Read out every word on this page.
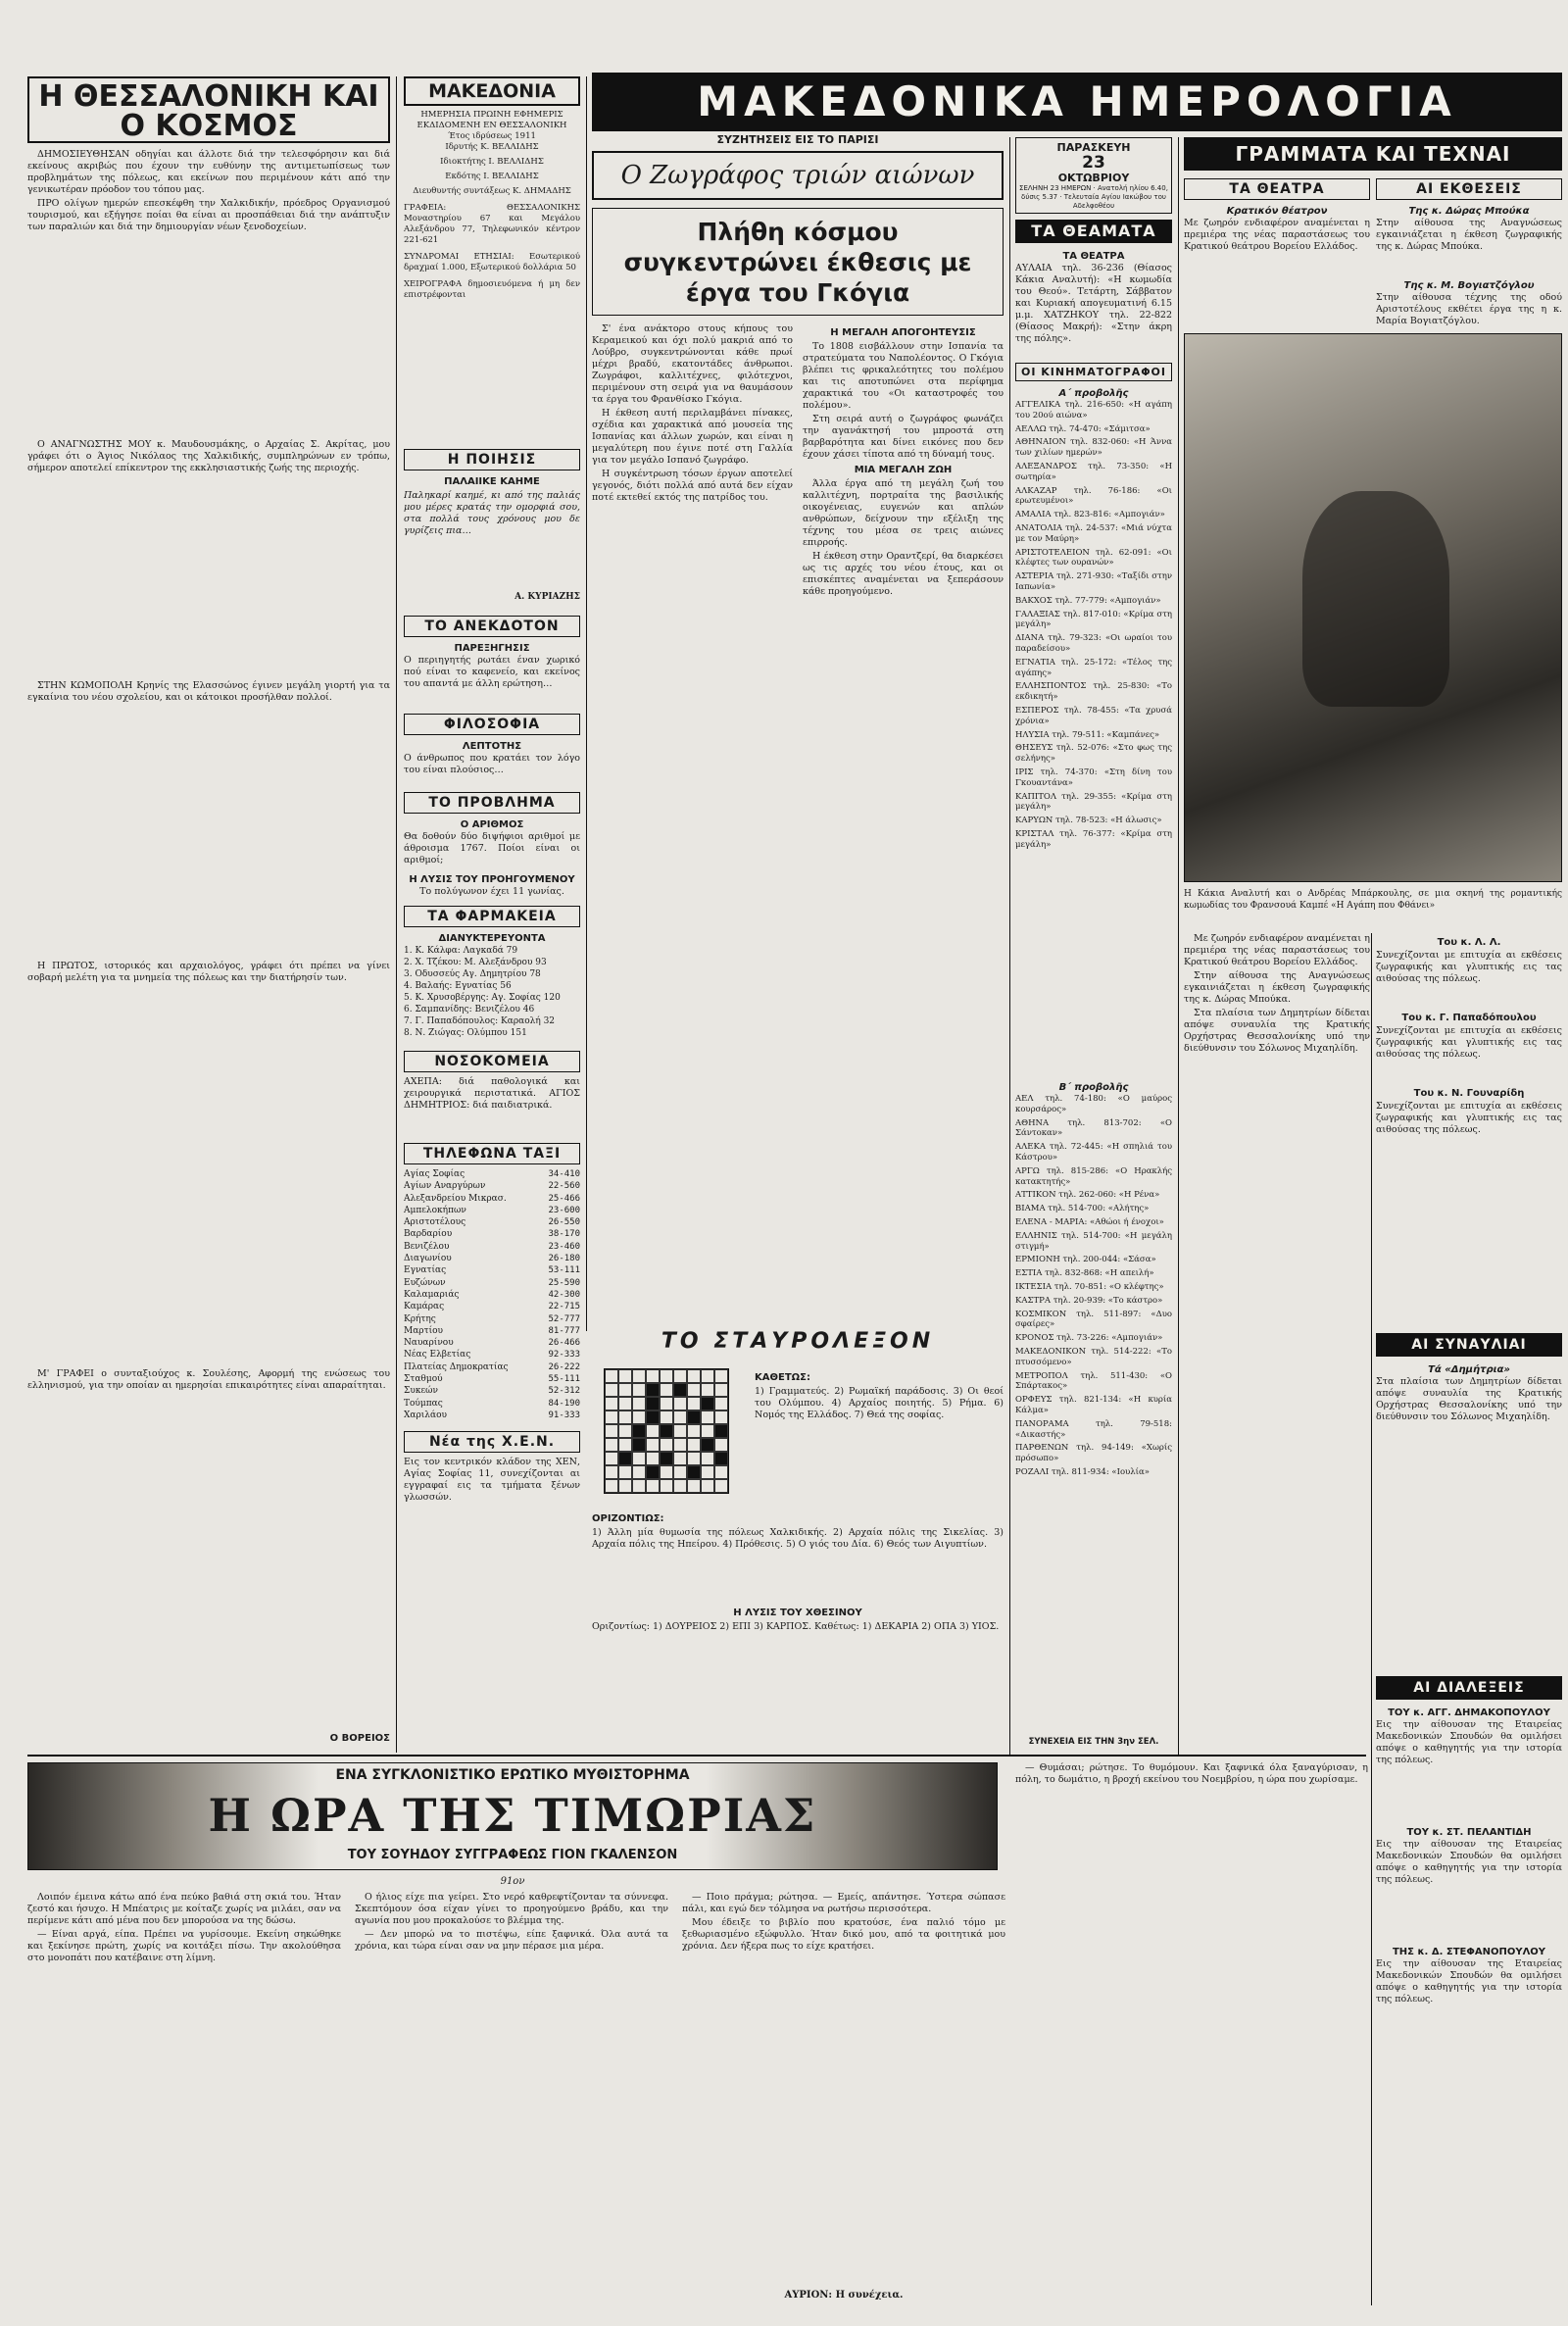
Η ΘΕΣΣΑΛΟΝΙΚΗ ΚΑΙ Ο ΚΟΣΜΟΣ

ΔΗΜΟΣΙΕΥΘΗΣΑΝ οδηγίαι και άλλοτε διά την τελεσφόρησιν και διά εκείνους ακριβώς που έχουν την ευθύνην της αντιμετωπίσεως των προβλημάτων της πόλεως, και εκείνων που περιμένουν κάτι από την γενικωτέραν πρόοδον του τόπου μας.

ΠΡΟ ολίγων ημερών επεσκέφθη την Χαλκιδικήν, πρόεδρος Οργανισμού τουρισμού, και εξήγησε ποίαι θα είναι αι προσπάθειαι διά την ανάπτυξιν των παραλιών και διά την δημιουργίαν νέων ξενοδοχείων.

Ο ΑΝΑΓΝΩΣΤΗΣ ΜΟΥ κ. Μαυδουσμάκης, ο Αρχαίας Σ. Ακρίτας, μου γράφει ότι ο Άγιος Νικόλαος της Χαλκιδικής, συμπληρώνων εν τρόπω, σήμερον αποτελεί επίκεντρον της εκκλησιαστικής ζωής της περιοχής.

ΣΤΗΝ ΚΩΜΟΠΟΛΗ Κρηνίς της Ελασσώνος έγινεν μεγάλη γιορτή για τα εγκαίνια του νέου σχολείου, και οι κάτοικοι προσήλθαν πολλοί.

Η ΠΡΩΤΟΣ, ιστορικός και αρχαιολόγος, γράφει ότι πρέπει να γίνει σοβαρή μελέτη για τα μνημεία της πόλεως και την διατήρησίν των.

Μ' ΓΡΑΦΕΙ ο συνταξιούχος κ. Σουλέσης, Αφορμή της ενώσεως του ελληνισμού, για την οποίαν αι ημερησίαι επικαιρότητες είναι απαραίτηται.

Ο ΒΟΡΕΙΟΣ
ΜΑΚΕΔΟΝΙΑ
ΗΜΕΡΗΣΙΑ ΠΡΩΙΝΗ ΕΦΗΜΕΡΙΣ ΕΚΔΙΔΟΜΕΝΗ ΕΝ ΘΕΣΣΑΛΟΝΙΚΗ
Έτος ιδρύσεως 1911
Ιδρυτής Κ. ΒΕΛΛΙΔΗΣ
Ιδιοκτήτης Ι. ΒΕΛΛΙΔΗΣ
Εκδότης Ι. ΒΕΛΛΙΔΗΣ
Διευθυντής συντάξεως Κ. ΔΗΜΑΔΗΣ
ΓΡΑΦΕΙΑ: ΘΕΣΣΑΛΟΝΙΚΗΣ Μοναστηρίου 67 και Μεγάλου Αλεξάνδρου 77, Τηλεφωνικόν κέντρον 221-621
ΣΥΝΔΡΟΜΑΙ ΕΤΗΣΙΑΙ: Εσωτερικού δραχμαί 1.000, Εξωτερικού δολλάρια 50
ΧΕΙΡΟΓΡΑΦΑ δημοσιευόμενα ή μη δεν επιστρέφονται
Η ΠΟΙΗΣΙΣ
ΠΑΛΑΙΙΚΕ ΚΑΗΜΕ
Παληκαρί καημέ, κι από της παλιάς μου μέρες κρατάς την ομορφιά σου, στα πολλά τους χρόνους μου δε γυρίζεις πια…
Α. ΚΥΡΙΑΖΗΣ
ΤΟ ΑΝΕΚΔΟΤΟΝ
ΠΑΡΕΞΗΓΗΣΙΣ
Ο περιηγητής ρωτάει έναν χωρικό πού είναι το καφενείο, και εκείνος του απαντά με άλλη ερώτηση…
ΦΙΛΟΣΟΦΙΑ
ΛΕΠΤΟΤΗΣ
Ο άνθρωπος που κρατάει τον λόγο του είναι πλούσιος…
ΤΟ ΠΡΟΒΛΗΜΑ
Ο ΑΡΙΘΜΟΣ
Θα δοθούν δύο διψήφιοι αριθμοί με άθροισμα 1767. Ποίοι είναι οι αριθμοί;
Η ΛΥΣΙΣ ΤΟΥ ΠΡΟΗΓΟΥΜΕΝΟΥ
Το πολύγωνον έχει 11 γωνίας.
ΤΑ ΦΑΡΜΑΚΕΙΑ
ΔΙΑΝΥΚΤΕΡΕΥΟΝΤΑ
1. Κ. Κάλφα: Λαγκαδά 79
2. Χ. Τζέκου: Μ. Αλεξάνδρου 93
3. Οδυσσεύς Αγ. Δημητρίου 78
4. Βαλαής: Εγνατίας 56
5. Κ. Χρυσοβέργης: Αγ. Σοφίας 120
6. Σαμπανίδης: Βενιζέλου 46
7. Γ. Παπαδόπουλος: Καραολή 32
8. Ν. Ζιώγας: Ολύμπου 151
ΝΟΣΟΚΟΜΕΙΑ
ΑΧΕΠΑ: διά παθολογικά και χειρουργικά περιστατικά. ΑΓΙΟΣ ΔΗΜΗΤΡΙΟΣ: διά παιδιατρικά.
ΤΗΛΕΦΩΝΑ ΤΑΞΙ
Αγίας Σοφίας	34-410
Αγίων Αναργύρων	22-560
Αλεξανδρείου Μικρασ.	25-466
Αμπελοκήπων	23-600
Αριστοτέλους	26-550
Βαρδαρίου	38-170
Βενιζέλου	23-460
Διαγωνίου	26-180
Εγνατίας	53-111
Ευζώνων	25-590
Καλαμαριάς	42-300
Καμάρας	22-715
Κρήτης	52-777
Μαρτίου	81-777
Ναυαρίνου	26-466
Νέας Ελβετίας	92-333
Πλατείας Δημοκρατίας	26-222
Σταθμού	55-111
Συκεών	52-312
Τούμπας	84-190
Χαριλάου	91-333
Νέα της Χ.Ε.Ν.
Εις τον κεντρικόν κλάδον της ΧΕΝ, Αγίας Σοφίας 11, συνεχίζονται αι εγγραφαί εις τα τμήματα ξένων γλωσσών.
ΜΑΚΕΔΟΝΙΚΑ ΗΜΕΡΟΛΟΓΙΑ
ΣΥΖΗΤΗΣΕΙΣ ΕΙΣ ΤΟ ΠΑΡΙΣΙ
Ο Ζωγράφος τριών αιώνων
Πλήθη κόσμου συγκεντρώνει έκθεσις με έργα του Γκόγια

Σ' ένα ανάκτορο στους κήπους του Κεραμεικού και όχι πολύ μακριά από το Λούβρο, συγκεντρώνονται κάθε πρωί μέχρι βραδύ, εκατοντάδες άνθρωποι. Ζωγράφοι, καλλιτέχνες, φιλότεχνοι, περιμένουν στη σειρά για να θαυμάσουν τα έργα του Φρανθίσκο Γκόγια.

Η έκθεση αυτή περιλαμβάνει πίνακες, σχέδια και χαρακτικά από μουσεία της Ισπανίας και άλλων χωρών, και είναι η μεγαλύτερη που έγινε ποτέ στη Γαλλία για τον μεγάλο Ισπανό ζωγράφο.

Η συγκέντρωση τόσων έργων αποτελεί γεγονός, διότι πολλά από αυτά δεν είχαν ποτέ εκτεθεί εκτός της πατρίδος του.

Η ΜΕΓΑΛΗ ΑΠΟΓΟΗΤΕΥΣΙΣ

Το 1808 εισβάλλουν στην Ισπανία τα στρατεύματα του Ναπολέοντος. Ο Γκόγια βλέπει τις φρικαλεότητες του πολέμου και τις αποτυπώνει στα περίφημα χαρακτικά του «Οι καταστροφές του πολέμου».

Στη σειρά αυτή ο ζωγράφος φωνάζει την αγανάκτησή του μπροστά στη βαρβαρότητα και δίνει εικόνες που δεν έχουν χάσει τίποτα από τη δύναμή τους.

ΜΙΑ ΜΕΓΑΛΗ ΖΩΗ

Άλλα έργα από τη μεγάλη ζωή του καλλιτέχνη, πορτραίτα της βασιλικής οικογένειας, ευγενών και απλών ανθρώπων, δείχνουν την εξέλιξη της τέχνης του μέσα σε τρεις αιώνες επιρροής.

Η έκθεση στην Οραντζερί, θα διαρκέσει ως τις αρχές του νέου έτους, και οι επισκέπτες αναμένεται να ξεπεράσουν κάθε προηγούμενο.

ΠΑΡΑΣΚΕΥΗ
23
ΟΚΤΩΒΡΙΟΥ
ΣΕΛΗΝΗ 23 ΗΜΕΡΩΝ · Ανατολή ηλίου 6.40, δύσις 5.37 · Τελευταία Αγίου Ιακώβου του Αδελφοθέου
ΤΑ ΘΕΑΜΑΤΑ
ΤΑ ΘΕΑΤΡΑ
ΑΥΛΑΙΑ τηλ. 36-236 (Θίασος Κάκια Αναλυτή): «Η κωμωδία του Θεού». Τετάρτη, Σάββατον και Κυριακή απογευματινή 6.15 μ.μ. ΧΑΤΖΗΚΟΥ τηλ. 22-822 (Θίασος Μακρή): «Στην άκρη της πόλης».
ΟΙ ΚΙΝΗΜΑΤΟΓΡΑΦΟΙ
Α΄ προβολῆς
ΑΓΓΕΛΙΚΑ τηλ. 216-650: «Η αγάπη του 20ού αιώνα»
ΑΕΛΛΩ τηλ. 74-470: «Σάμιτσα»
ΑΘΗΝΑΙΟΝ τηλ. 832-060: «Η Άννα των χιλίων ημερών»
ΑΛΕΞΑΝΔΡΟΣ τηλ. 73-350: «Η σωτηρία»
ΑΛΚΑΖΑΡ τηλ. 76-186: «Οι ερωτευμένοι»
ΑΜΑΛΙΑ τηλ. 823-816: «Αμπογιάν»
ΑΝΑΤΟΛΙΑ τηλ. 24-537: «Μιά νύχτα με τον Μαύρη»
ΑΡΙΣΤΟΤΕΛΕΙΟΝ τηλ. 62-091: «Οι κλέφτες των ουρανών»
ΑΣΤΕΡΙΑ τηλ. 271-930: «Ταξίδι στην Ιαπωνία»
ΒΑΚΧΟΣ τηλ. 77-779: «Αμπογιάν»
ΓΑΛΑΞΙΑΣ τηλ. 817-010: «Κρίμα στη μεγάλη»
ΔΙΑΝΑ τηλ. 79-323: «Οι ωραίοι του παραδείσου»
ΕΓΝΑΤΙΑ τηλ. 25-172: «Τέλος της αγάπης»
ΕΛΛΗΣΠΟΝΤΟΣ τηλ. 25-830: «Το εκδικητή»
ΕΣΠΕΡΟΣ τηλ. 78-455: «Τα χρυσά χρόνια»
ΗΛΥΣΙΑ τηλ. 79-511: «Καμπάνες»
ΘΗΣΕΥΣ τηλ. 52-076: «Στο φως της σελήνης»
ΙΡΙΣ τηλ. 74-370: «Στη δίνη του Γκουαντάνα»
ΚΑΠΙΤΟΛ τηλ. 29-355: «Κρίμα στη μεγάλη»
ΚΑΡΥΩΝ τηλ. 78-523: «Η άλωσις»
ΚΡΙΣΤΑΛ τηλ. 76-377: «Κρίμα στη μεγάλη»
Β΄ προβολῆς
ΑΕΛ τηλ. 74-180: «Ο μαύρος κουρσάρος»
ΑΘΗΝΑ τηλ. 813-702: «Ο Σάντοκαν»
ΑΛΕΚΑ τηλ. 72-445: «Η σπηλιά του Κάστρου»
ΑΡΓΩ τηλ. 815-286: «Ο Ηρακλής κατακτητής»
ΑΤΤΙΚΟΝ τηλ. 262-060: «Η Ρένα»
ΒΙΑΜΑ τηλ. 514-700: «Αλήτης»
ΕΛΕΝΑ - ΜΑΡΙΑ: «Αθώοι ή ένοχοι»
ΕΛΛΗΝΙΣ τηλ. 514-700: «Η μεγάλη στιγμή»
ΕΡΜΙΟΝΗ τηλ. 200-044: «Σάσα»
ΕΣΤΙΑ τηλ. 832-868: «Η απειλή»
ΙΚΤΕΣΙΑ τηλ. 70-851: «Ο κλέφτης»
ΚΑΣΤΡΑ τηλ. 20-939: «Το κάστρο»
ΚΟΣΜΙΚΟΝ τηλ. 511-897: «Δυο σφαίρες»
ΚΡΟΝΟΣ τηλ. 73-226: «Αμπογιάν»
ΜΑΚΕΔΟΝΙΚΟΝ τηλ. 514-222: «Το πτυσσόμενο»
ΜΕΤΡΟΠΟΛ τηλ. 511-430: «Ο Σπάρτακος»
ΟΡΦΕΥΣ τηλ. 821-134: «Η κυρία Κάλμα»
ΠΑΝΟΡΑΜΑ τηλ. 79-518: «Δικαστής»
ΠΑΡΘΕΝΩΝ τηλ. 94-149: «Χωρίς πρόσωπο»
ΡΟΖΑΛΙ τηλ. 811-934: «Ιουλία»
ΣΥΝΕΧΕΙΑ ΕΙΣ ΤΗΝ 3ην ΣΕΛ.
ΓΡΑΜΜΑΤΑ ΚΑΙ ΤΕΧΝΑΙ
ΤΑ ΘΕΑΤΡΑ
Κρατικόν θέατρον
Με ζωηρόν ενδιαφέρον αναμένεται η πρεμιέρα της νέας παραστάσεως του Κρατικού θεάτρου Βορείου Ελλάδος.
ΑΙ ΕΚΘΕΣΕΙΣ
Της κ. Δώρας Μπούκα
Στην αίθουσα της Αναγνώσεως εγκαινιάζεται η έκθεση ζωγραφικής της κ. Δώρας Μπούκα.
Της κ. Μ. Βογιατζόγλου
Στην αίθουσα τέχνης της οδού Αριστοτέλους εκθέτει έργα της η κ. Μαρία Βογιατζόγλου.
Η Κάκια Αναλυτή και ο Ανδρέας Μπάρκουλης, σε μια σκηνή της ρομαντικής κωμωδίας του Φρανσουά Καμπέ «Η Αγάπη που Φθάνει»

Με ζωηρόν ενδιαφέρον αναμένεται η πρεμιέρα της νέας παραστάσεως του Κρατικού θεάτρου Βορείου Ελλάδος.

Στην αίθουσα της Αναγνώσεως εγκαινιάζεται η έκθεση ζωγραφικής της κ. Δώρας Μπούκα.

Στα πλαίσια των Δημητρίων δίδεται απόψε συναυλία της Κρατικής Ορχήστρας Θεσσαλονίκης υπό την διεύθυνσιν του Σόλωνος Μιχαηλίδη.

Του κ. Λ. Λ.
Συνεχίζονται με επιτυχία αι εκθέσεις ζωγραφικής και γλυπτικής εις τας αιθούσας της πόλεως.
Του κ. Γ. Παπαδόπουλου
Συνεχίζονται με επιτυχία αι εκθέσεις ζωγραφικής και γλυπτικής εις τας αιθούσας της πόλεως.
Του κ. Ν. Γουναρίδη
Συνεχίζονται με επιτυχία αι εκθέσεις ζωγραφικής και γλυπτικής εις τας αιθούσας της πόλεως.
ΑΙ ΣΥΝΑΥΛΙΑΙ
Τά «Δημήτρια»
Στα πλαίσια των Δημητρίων δίδεται απόψε συναυλία της Κρατικής Ορχήστρας Θεσσαλονίκης υπό την διεύθυνσιν του Σόλωνος Μιχαηλίδη.
ΑΙ ΔΙΑΛΕΞΕΙΣ
ΤΟΥ κ. ΑΓΓ. ΔΗΜΑΚΟΠΟΥΛΟΥ
Εις την αίθουσαν της Εταιρείας Μακεδονικών Σπουδών θα ομιλήσει απόψε ο καθηγητής για την ιστορία της πόλεως.
ΤΟΥ κ. ΣΤ. ΠΕΛΑΝΤΙΔΗ
Εις την αίθουσαν της Εταιρείας Μακεδονικών Σπουδών θα ομιλήσει απόψε ο καθηγητής για την ιστορία της πόλεως.
ΤΗΣ κ. Δ. ΣΤΕΦΑΝΟΠΟΥΛΟΥ
Εις την αίθουσαν της Εταιρείας Μακεδονικών Σπουδών θα ομιλήσει απόψε ο καθηγητής για την ιστορία της πόλεως.
ΤΟ ΣΤΑΥΡΟΛΕΞΟΝ
ΚΑΘΕΤΩΣ:
1) Γραμματεύς. 2) Ρωμαϊκή παράδοσις. 3) Οι θεοί του Ολύμπου. 4) Αρχαίος ποιητής. 5) Ρήμα. 6) Νομός της Ελλάδος. 7) Θεά της σοφίας.
ΟΡΙΖΟΝΤΙΩΣ:
1) Άλλη μία θυμωσία της πόλεως Χαλκιδικής. 2) Αρχαία πόλις της Σικελίας. 3) Αρχαία πόλις της Ηπείρου. 4) Πρόθεσις. 5) Ο γιός του Δία. 6) Θεός των Αιγυπτίων.
Η ΛΥΣΙΣ ΤΟΥ ΧΘΕΣΙΝΟΥ
Οριζοντίως: 1) ΔΟΥΡΕΙΟΣ 2) ΕΠΙ 3) ΚΑΡΠΟΣ. Καθέτως: 1) ΔΕΚΑΡΙΑ 2) ΟΠΑ 3) ΥΙΟΣ.
ΕΝΑ ΣΥΓΚΛΟΝΙΣΤΙΚΟ ΕΡΩΤΙΚΟ ΜΥΘΙΣΤΟΡΗΜΑ
Η ΩΡΑ ΤΗΣ ΤΙΜΩΡΙΑΣ
ΤΟΥ ΣΟΥΗΔΟΥ ΣΥΓΓΡΑΦΕΩΣ ΓΙΟΝ ΓΚΑΛΕΝΣΟΝ
91ον

Λοιπόν έμεινα κάτω από ένα πεύκο βαθιά στη σκιά του. Ήταν ζεστό και ήσυχο. Η Μπέατρις με κοίταζε χωρίς να μιλάει, σαν να περίμενε κάτι από μένα που δεν μπορούσα να της δώσω.

— Είναι αργά, είπα. Πρέπει να γυρίσουμε. Εκείνη σηκώθηκε και ξεκίνησε πρώτη, χωρίς να κοιτάξει πίσω. Την ακολούθησα στο μονοπάτι που κατέβαινε στη λίμνη.

Ο ήλιος είχε πια γείρει. Στο νερό καθρεφτίζονταν τα σύννεφα. Σκεπτόμουν όσα είχαν γίνει το προηγούμενο βράδυ, και την αγωνία που μου προκαλούσε το βλέμμα της.

— Δεν μπορώ να το πιστέψω, είπε ξαφνικά. Όλα αυτά τα χρόνια, και τώρα είναι σαν να μην πέρασε μια μέρα.

— Ποιο πράγμα; ρώτησα. — Εμείς, απάντησε. Ύστερα σώπασε πάλι, και εγώ δεν τόλμησα να ρωτήσω περισσότερα.

Μου έδειξε το βιβλίο που κρατούσε, ένα παλιό τόμο με ξεθωριασμένο εξώφυλλο. Ήταν δικό μου, από τα φοιτητικά μου χρόνια. Δεν ήξερα πως το είχε κρατήσει.

— Θυμάσαι; ρώτησε. Το θυμόμουν. Και ξαφνικά όλα ξαναγύρισαν, η πόλη, το δωμάτιο, η βροχή εκείνου του Νοεμβρίου, η ώρα που χωρίσαμε.

ΑΥΡΙΟΝ: Η συνέχεια.
